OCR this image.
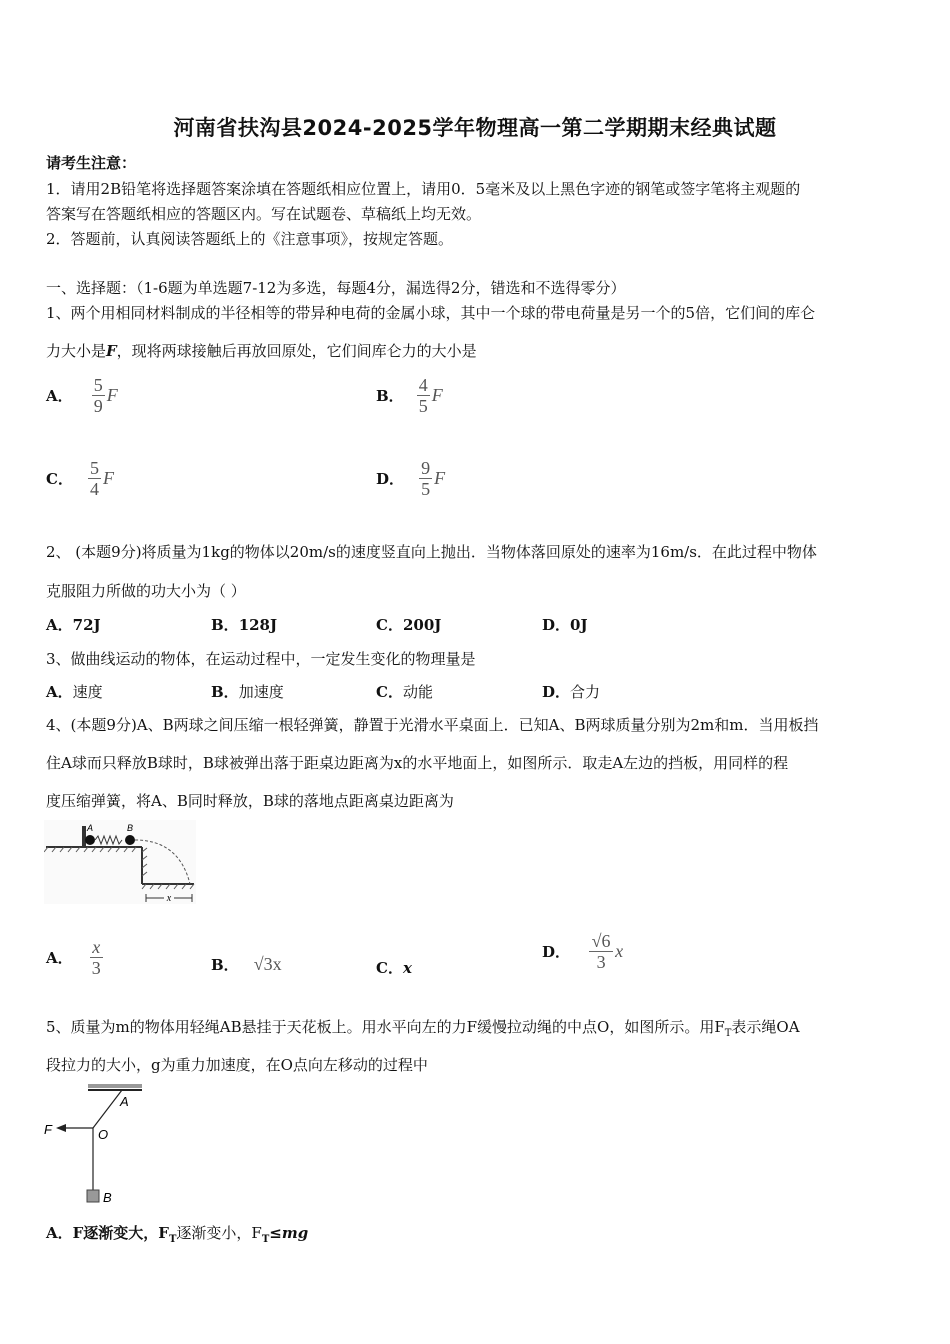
河南省扶沟县2024-2025学年物理高一第二学期期末经典试题
请考生注意：
1．请用2B铅笔将选择题答案涂填在答题纸相应位置上，请用0．5毫米及以上黑色字迹的钢笔或签字笔将主观题的
答案写在答题纸相应的答题区内。写在试题卷、草稿纸上均无效。
2．答题前，认真阅读答题纸上的《注意事项》，按规定答题。
一、选择题：（1-6题为单选题7-12为多选，每题4分，漏选得2分，错选和不选得零分）
1、两个用相同材料制成的半径相等的带异种电荷的金属小球，其中一个球的带电荷量是另一个的5倍，它们间的库仑
力大小是F，现将两球接触后再放回原处，它们间库仑力的大小是
A． $\frac{5}{9}$ F	B． $\frac{4}{5}$ F
C． $\frac{5}{4}$ F	D． $\frac{9}{5}$ F
2、 (本题9分)将质量为1kg的物体以20m/s的速度竖直向上抛出．当物体落回原处的速率为16m/s．在此过程中物体
克服阻力所做的功大小为（ ）
A．72J	B．128J	C．200J	D．0J
3、做曲线运动的物体，在运动过程中，一定发生变化的物理量是
A．速度	B．加速度	C．动能	D．合力
4、(本题9分)A、B两球之间压缩一根轻弹簧，静置于光滑水平桌面上．已知A、B两球质量分别为2m和m．当用板挡
住A球而只释放B球时，B球被弹出落于距桌边距离为x的水平地面上，如图所示．取走A左边的挡板，用同样的程
度压缩弹簧，将A、B同时释放，B球的落地点距离桌边距离为
A	B
x
A． $\frac{x}{3}$	B． √3x	C．x
D． $\frac{√6}{3}$ x
5、质量为m的物体用轻绳AB悬挂于天花板上。用水平向左的力F缓慢拉动绳的中点O，如图所示。用$F_T$表示绳OA
段拉力的大小，g为重力加速度，在O点向左移动的过程中
A
F	O
B
A．F逐渐变大，$F_T$逐渐变小，$F_T\le mg$
